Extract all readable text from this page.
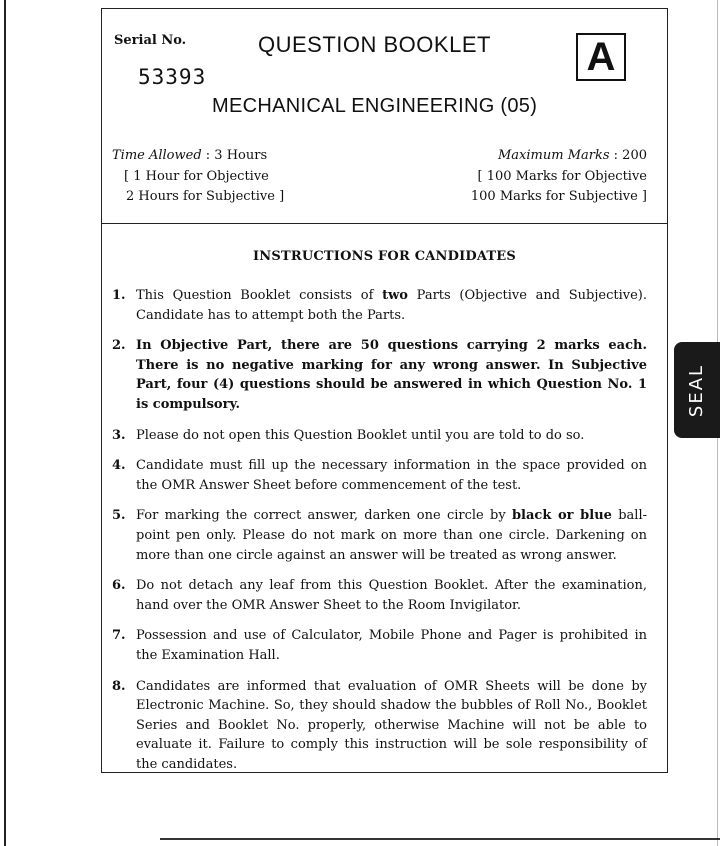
SEAL
Serial No.
53393
QUESTION BOOKLET A
MECHANICAL ENGINEERING (05)
Time Allowed : 3 Hours
[ 1 Hour for Objective
2 Hours for Subjective ]
Maximum Marks : 200
[ 100 Marks for Objective
100 Marks for Subjective ]
INSTRUCTIONS FOR CANDIDATES
1. This Question Booklet consists of two Parts (Objective and Subjective). Candidate has to attempt both the Parts.
2. In Objective Part, there are 50 questions carrying 2 marks each. There is no negative marking for any wrong answer. In Subjective Part, four (4) questions should be answered in which Question No. 1 is compulsory.
3. Please do not open this Question Booklet until you are told to do so.
4. Candidate must fill up the necessary information in the space provided on the OMR Answer Sheet before commencement of the test.
5. For marking the correct answer, darken one circle by black or blue ball-point pen only. Please do not mark on more than one circle. Darkening on more than one circle against an answer will be treated as wrong answer.
6. Do not detach any leaf from this Question Booklet. After the examination, hand over the OMR Answer Sheet to the Room Invigilator.
7. Possession and use of Calculator, Mobile Phone and Pager is prohibited in the Examination Hall.
8. Candidates are informed that evaluation of OMR Sheets will be done by Electronic Machine. So, they should shadow the bubbles of Roll No., Booklet Series and Booklet No. properly, otherwise Machine will not be able to evaluate it. Failure to comply this instruction will be sole responsibility of the candidates.
